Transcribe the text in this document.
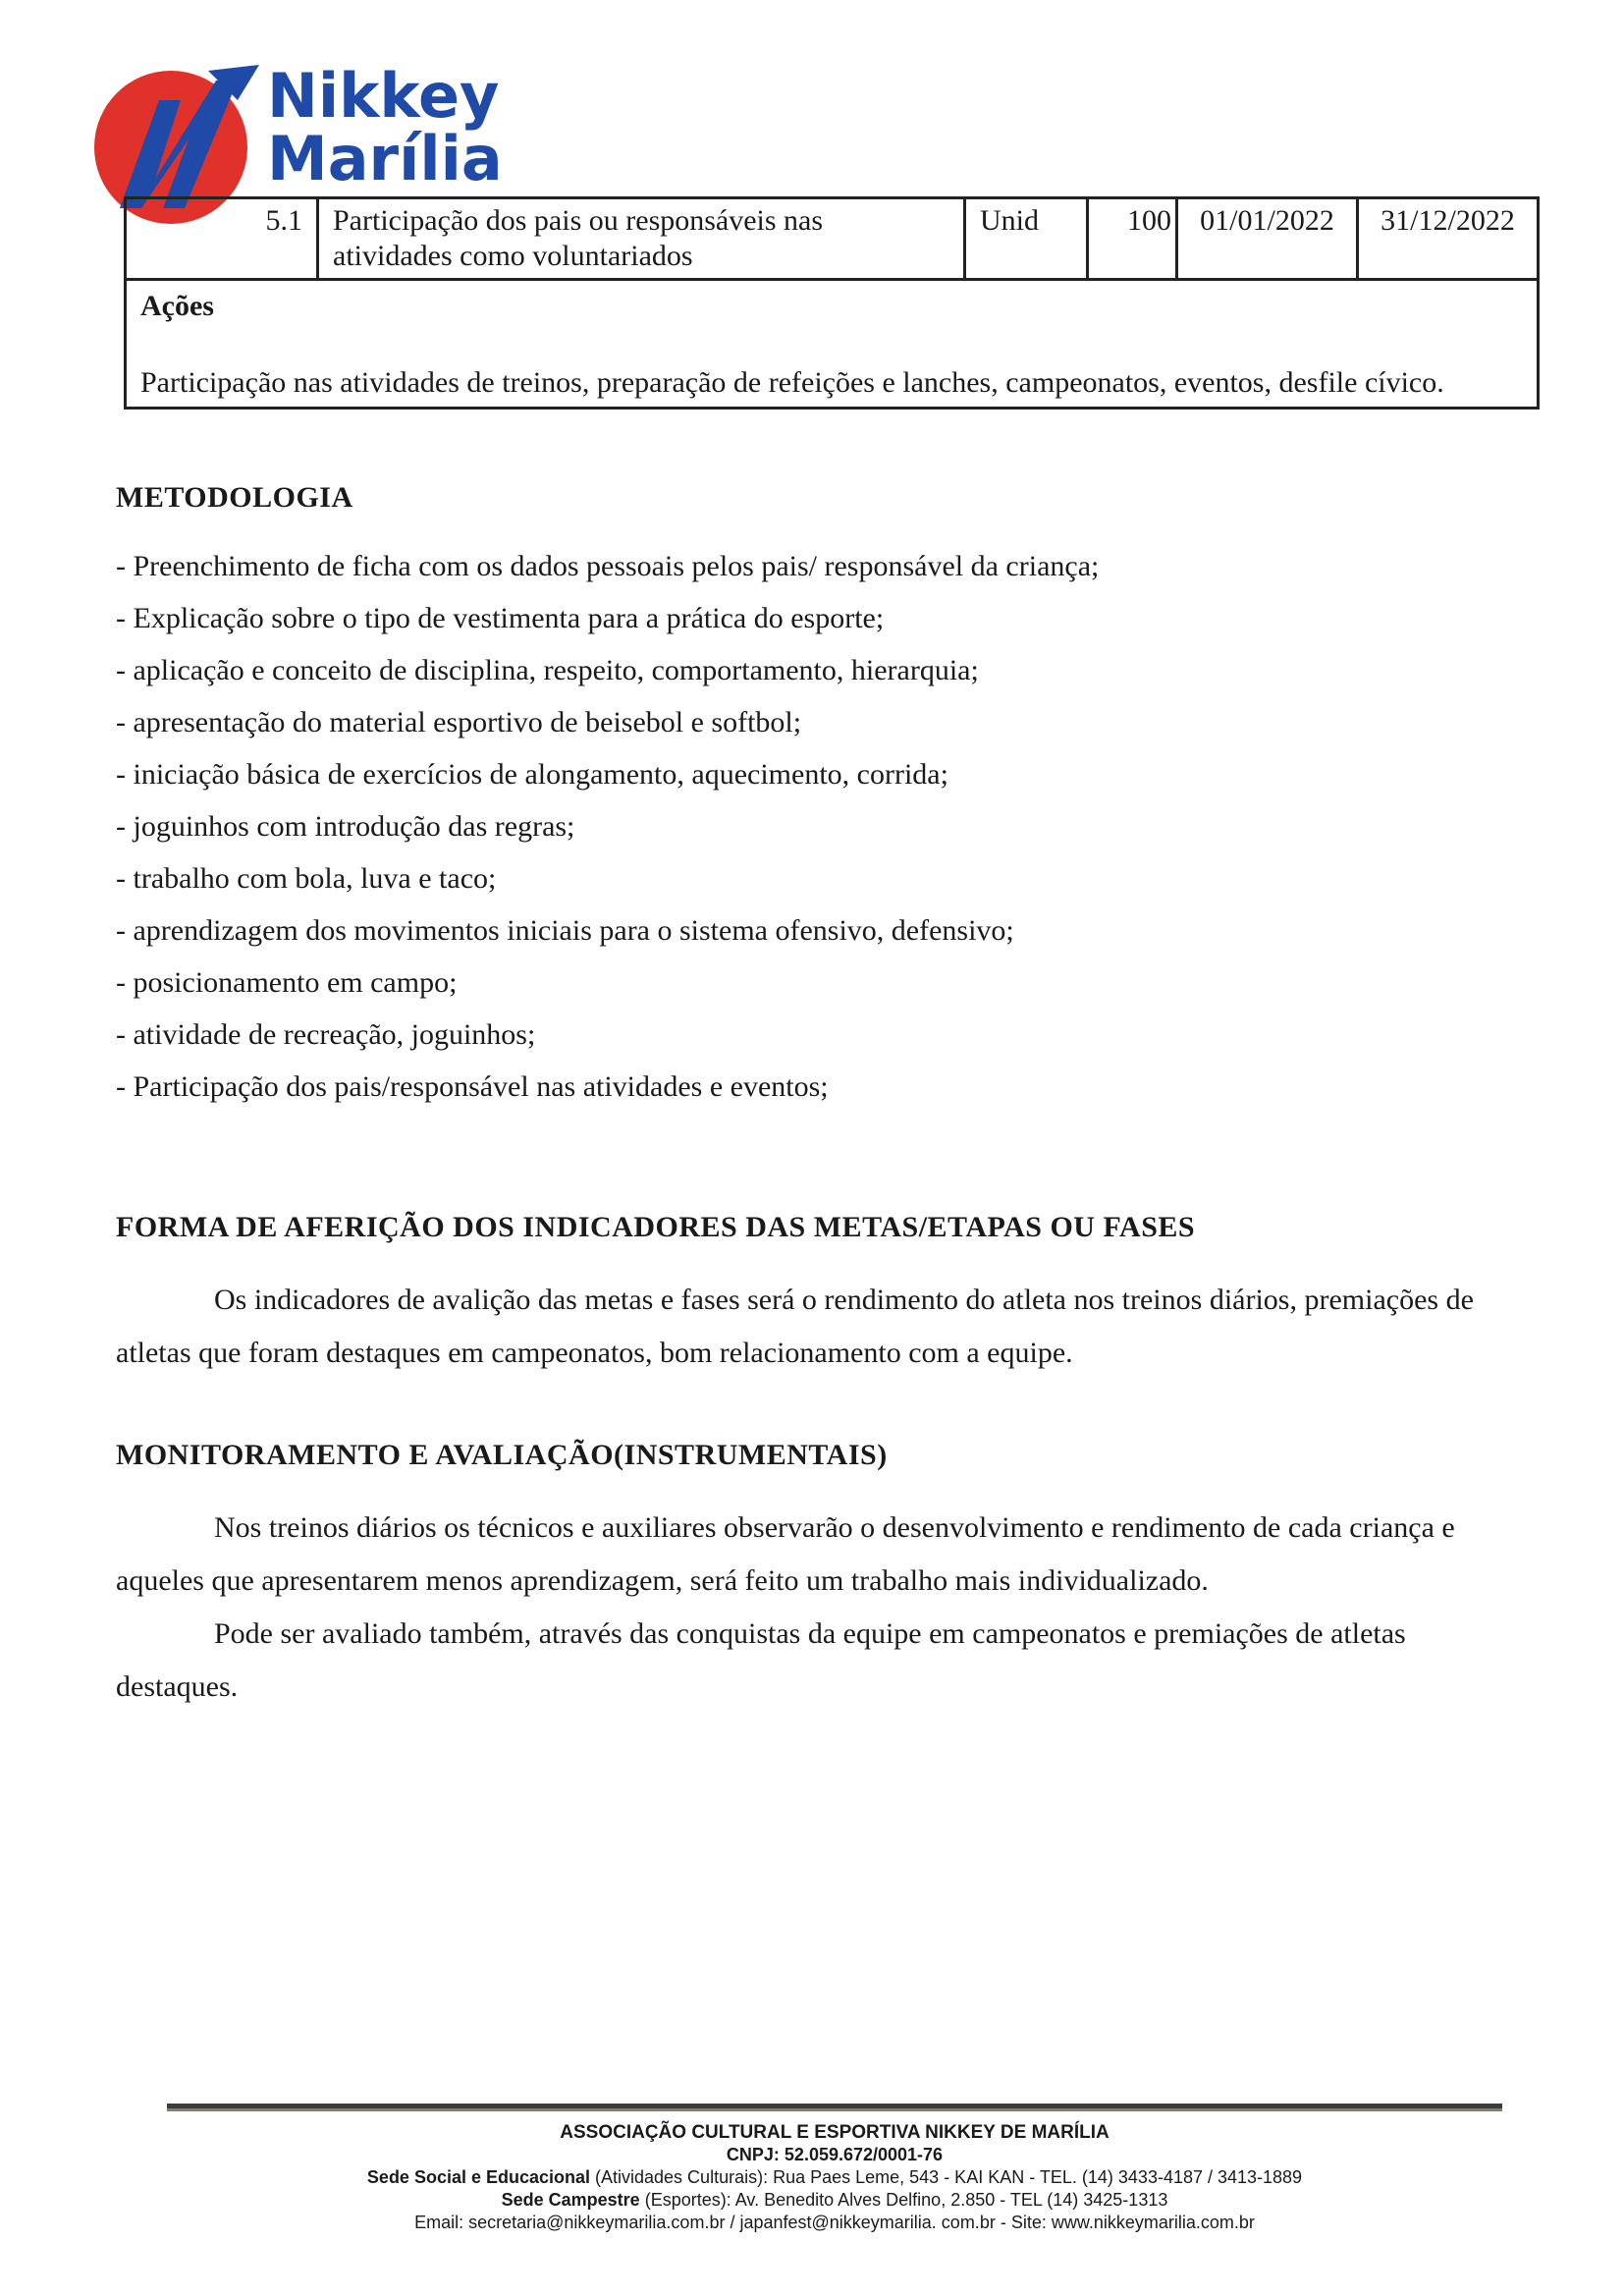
Nikkey
Marília
5.1	Participação dos pais ou responsáveis nas atividades como voluntariados	Unid	100	01/01/2022	31/12/2022

Ações
Participação nas atividades de treinos, preparação de refeições e lanches, campeonatos, eventos, desfile cívico.
METODOLOGIA
- Preenchimento de ficha com os dados pessoais pelos pais/ responsável da criança;
- Explicação sobre o tipo de vestimenta para a prática do esporte;
- aplicação e conceito de disciplina, respeito, comportamento, hierarquia;
- apresentação do material esportivo de beisebol e softbol;
- iniciação básica de exercícios de alongamento, aquecimento, corrida;
- joguinhos com introdução das regras;
- trabalho com bola, luva e taco;
- aprendizagem dos movimentos iniciais para o sistema ofensivo, defensivo;
- posicionamento em campo;
- atividade de recreação, joguinhos;
- Participação dos pais/responsável nas atividades e eventos;
FORMA DE AFERIÇÃO DOS INDICADORES DAS METAS/ETAPAS OU FASES

Os indicadores de avalição das metas e fases será o rendimento do atleta nos treinos diários, premiações de atletas que foram destaques em campeonatos, bom relacionamento com a equipe.

MONITORAMENTO E AVALIAÇÃO(INSTRUMENTAIS)

Nos treinos diários os técnicos e auxiliares observarão o desenvolvimento e rendimento de cada criança e aqueles que apresentarem menos aprendizagem, será feito um trabalho mais individualizado.

Pode ser avaliado também, através das conquistas da equipe em campeonatos e premiações de atletas destaques.

ASSOCIAÇÃO CULTURAL E ESPORTIVA NIKKEY DE MARÍLIA

CNPJ: 52.059.672/0001-76

Sede Social e Educacional (Atividades Culturais): Rua Paes Leme, 543 - KAI KAN - TEL. (14) 3433-4187 / 3413-1889

Sede Campestre (Esportes): Av. Benedito Alves Delfino, 2.850 - TEL (14) 3425-1313

Email: secretaria@nikkeymarilia.com.br / japanfest@nikkeymarilia. com.br - Site: www.nikkeymarilia.com.br
